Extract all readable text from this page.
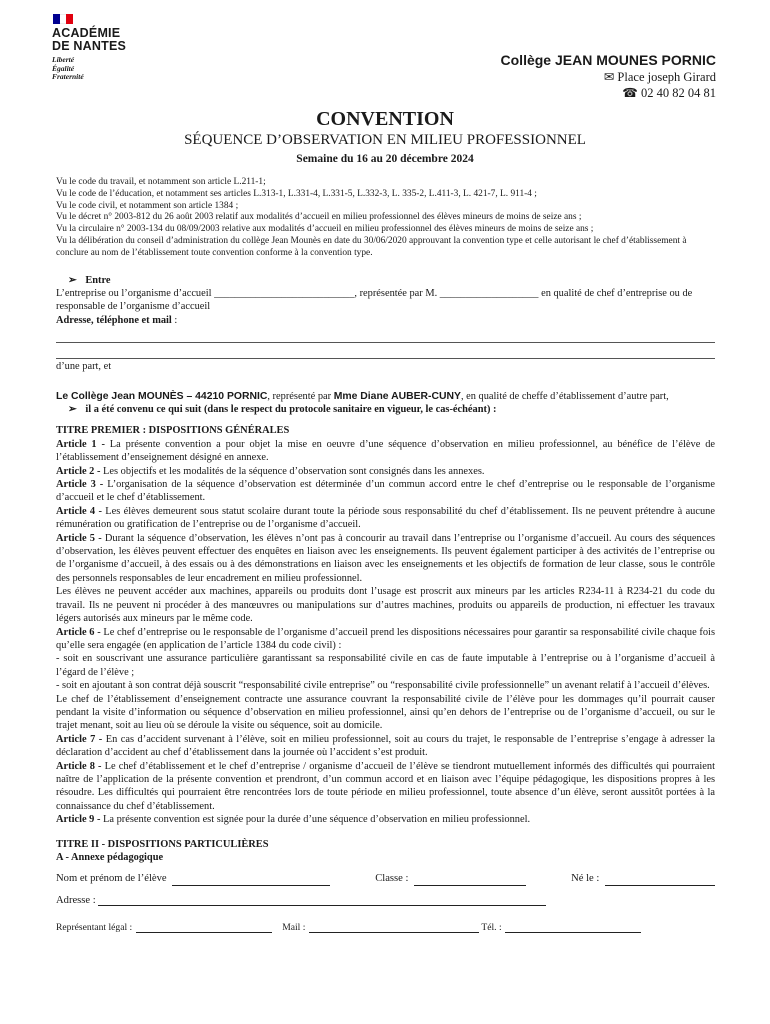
ACADÉMIE
DE NANTES
Liberté
Égalité
Fraternité
Collège JEAN MOUNES PORNIC
✉ Place joseph Girard
☎ 02 40 82 04 81
CONVENTION
SÉQUENCE D’OBSERVATION EN MILIEU PROFESSIONNEL
Semaine du 16 au 20 décembre 2024
Vu le code du travail, et notamment son article L.211-1;
Vu le code de l’éducation, et notamment ses articles L.313-1, L.331-4, L.331-5, L.332-3, L. 335-2, L.411-3, L. 421-7, L. 911-4 ;
Vu le code civil, et notamment son article 1384 ;
Vu le décret n° 2003-812 du 26 août 2003 relatif aux modalités d’accueil en milieu professionnel des élèves mineurs de moins de seize ans ;
Vu la circulaire n° 2003-134 du 08/09/2003 relative aux modalités d’accueil en milieu professionnel des élèves mineurs de moins de seize ans ;
Vu la délibération du conseil d’administration du collège Jean Mounès en date du 30/06/2020 approuvant la convention type et celle autorisant le chef d’établissement à conclure au nom de l’établissement toute convention conforme à la convention type.
➢ Entre
L’entreprise ou l’organisme d’accueil ___________________________, représentée par M. ___________________ en qualité de chef d’entreprise ou de responsable de l’organisme d’accueil
Adresse, téléphone et mail :
d’une part, et
Le Collège Jean MOUNÈS – 44210 PORNIC, représenté par Mme Diane AUBER-CUNY, en qualité de cheffe d’établissement d’autre part,
➢ il a été convenu ce qui suit (dans le respect du protocole sanitaire en vigueur, le cas-échéant) :
TITRE PREMIER : DISPOSITIONS GÉNÉRALES
Article 1 - La présente convention a pour objet la mise en oeuvre d’une séquence d’observation en milieu professionnel, au bénéfice de l’élève de l’établissement d’enseignement désigné en annexe.
Article 2 - Les objectifs et les modalités de la séquence d’observation sont consignés dans les annexes.
Article 3 - L’organisation de la séquence d’observation est déterminée d’un commun accord entre le chef d’entreprise ou le responsable de l’organisme d’accueil et le chef d’établissement.
Article 4 - Les élèves demeurent sous statut scolaire durant toute la période sous responsabilité du chef d’établissement. Ils ne peuvent prétendre à aucune rémunération ou gratification de l’entreprise ou de l’organisme d’accueil.
Article 5 - Durant la séquence d’observation, les élèves n’ont pas à concourir au travail dans l’entreprise ou l’organisme d’accueil. Au cours des séquences d’observation, les élèves peuvent effectuer des enquêtes en liaison avec les enseignements. Ils peuvent également participer à des activités de l’entreprise ou de l’organisme d’accueil, à des essais ou à des démonstrations en liaison avec les enseignements et les objectifs de formation de leur classe, sous le contrôle des personnels responsables de leur encadrement en milieu professionnel.
Les élèves ne peuvent accéder aux machines, appareils ou produits dont l’usage est proscrit aux mineurs par les articles R234-11 à R234-21 du code du travail. Ils ne peuvent ni procéder à des manœuvres ou manipulations sur d’autres machines, produits ou appareils de production, ni effectuer les travaux légers autorisés aux mineurs par le même code.
Article 6 - Le chef d’entreprise ou le responsable de l’organisme d’accueil prend les dispositions nécessaires pour garantir sa responsabilité civile chaque fois qu’elle sera engagée (en application de l’article 1384 du code civil) :
- soit en souscrivant une assurance particulière garantissant sa responsabilité civile en cas de faute imputable à l’entreprise ou à l’organisme d’accueil à l’égard de l’élève ;
- soit en ajoutant à son contrat déjà souscrit “responsabilité civile entreprise” ou “responsabilité civile professionnelle” un avenant relatif à l’accueil d’élèves.
Le chef de l’établissement d’enseignement contracte une assurance couvrant la responsabilité civile de l’élève pour les dommages qu’il pourrait causer pendant la visite d’information ou séquence d’observation en milieu professionnel, ainsi qu’en dehors de l’entreprise ou de l’organisme d’accueil, ou sur le trajet menant, soit au lieu où se déroule la visite ou séquence, soit au domicile.
Article 7 - En cas d’accident survenant à l’élève, soit en milieu professionnel, soit au cours du trajet, le responsable de l’entreprise s’engage à adresser la déclaration d’accident au chef d’établissement dans la journée où l’accident s’est produit.
Article 8 - Le chef d’établissement et le chef d’entreprise / organisme d’accueil de l’élève se tiendront mutuellement informés des difficultés qui pourraient naître de l’application de la présente convention et prendront, d’un commun accord et en liaison avec l’équipe pédagogique, les dispositions propres à les résoudre. Les difficultés qui pourraient être rencontrées lors de toute période en milieu professionnel, toute absence d’un élève, seront aussitôt portées à la connaissance du chef d’établissement.
Article 9 - La présente convention est signée pour la durée d’une séquence d’observation en milieu professionnel.
TITRE II - DISPOSITIONS PARTICULIÈRES
A - Annexe pédagogique
Nom et prénom de l’élève	Classe :	Né le :
Adresse :
Représentant légal :	Mail :	Tél. :
